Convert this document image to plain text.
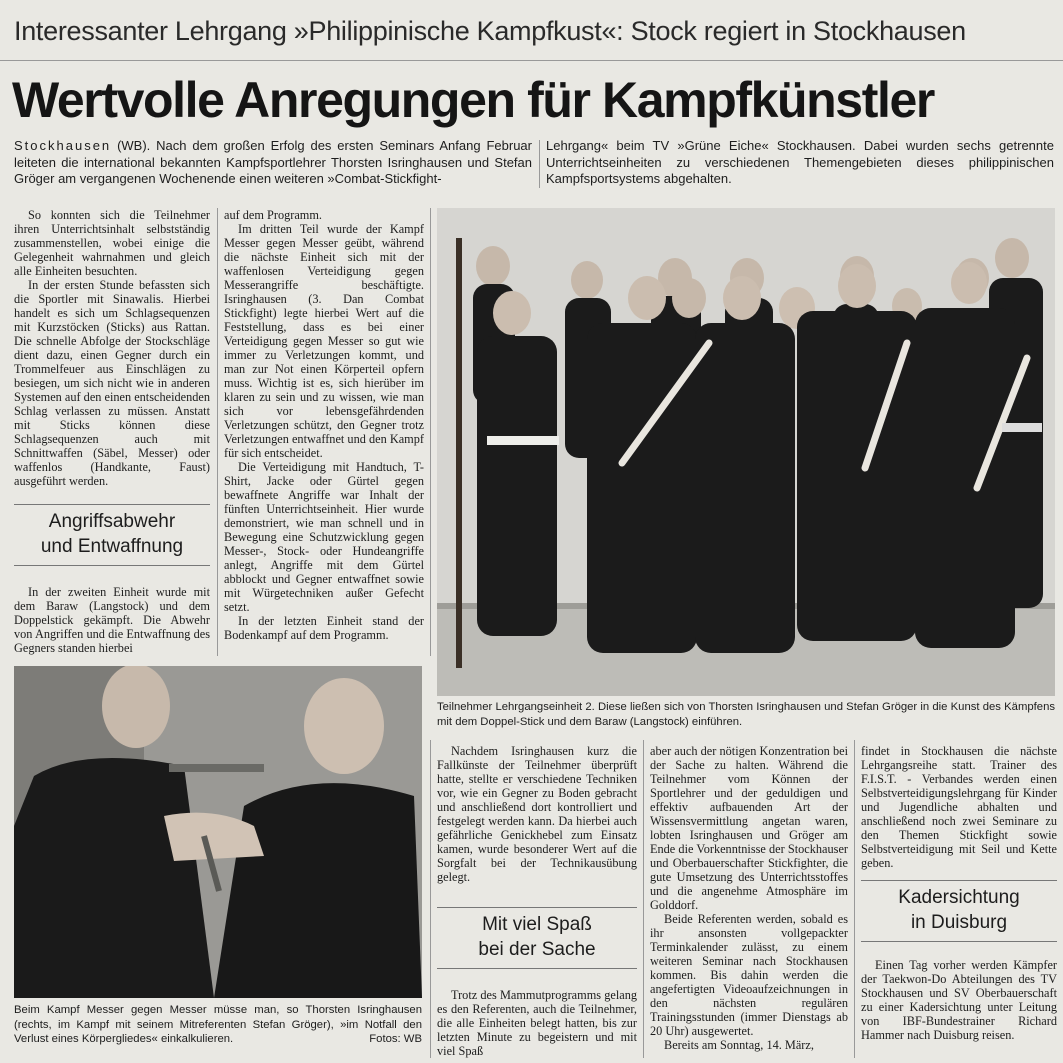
Interessanter Lehrgang »Philippinische Kampfkust«: Stock regiert in Stockhausen
Wertvolle Anregungen für Kampfkünstler
Stockhausen (WB). Nach dem großen Erfolg des ersten Seminars Anfang Februar leiteten die international bekannten Kampfsportlehrer Thorsten Isringhausen und Stefan Gröger am vergangenen Wochenende einen weiteren »Combat-Stickfight-
Lehrgang« beim TV »Grüne Eiche« Stockhausen. Dabei wurden sechs getrennte Unterrichtseinheiten zu verschiedenen Themengebieten dieses philippinischen Kampfsportsystems abgehalten.

So konnten sich die Teilnehmer ihren Unterrichtsinhalt selbstständig zusammenstellen, wobei einige die Gelegenheit wahrnahmen und gleich alle Einheiten besuchten.

In der ersten Stunde befassten sich die Sportler mit Sinawalis. Hierbei handelt es sich um Schlagsequenzen mit Kurzstöcken (Sticks) aus Rattan. Die schnelle Abfolge der Stockschläge dient dazu, einen Gegner durch ein Trommelfeuer aus Einschlägen zu besiegen, um sich nicht wie in anderen Systemen auf den einen entscheidenden Schlag verlassen zu müssen. Anstatt mit Sticks können diese Schlagsequenzen auch mit Schnittwaffen (Säbel, Messer) oder waffenlos (Handkante, Faust) ausgeführt werden.

Angriffsabwehr
und Entwaffnung

In der zweiten Einheit wurde mit dem Baraw (Langstock) und dem Doppelstick gekämpft. Die Abwehr von Angriffen und die Entwaffnung des Gegners standen hierbei

auf dem Programm.

Im dritten Teil wurde der Kampf Messer gegen Messer geübt, während die nächste Einheit sich mit der waffenlosen Verteidigung gegen Messerangriffe beschäftigte. Isringhausen (3. Dan Combat Stickfight) legte hierbei Wert auf die Feststellung, dass es bei einer Verteidigung gegen Messer so gut wie immer zu Verletzungen kommt, und man zur Not einen Körperteil opfern muss. Wichtig ist es, sich hierüber im klaren zu sein und zu wissen, wie man sich vor lebensgefährdenden Verletzungen schützt, den Gegner trotz Verletzungen entwaffnet und den Kampf für sich entscheidet.

Die Verteidigung mit Handtuch, T-Shirt, Jacke oder Gürtel gegen bewaffnete Angriffe war Inhalt der fünften Unterrichtseinheit. Hier wurde demonstriert, wie man schnell und in Bewegung eine Schutzwicklung gegen Messer-, Stock- oder Hundeangriffe anlegt, Angriffe mit dem Gürtel abblockt und Gegner entwaffnet sowie mit Würgetechniken außer Gefecht setzt.

In der letzten Einheit stand der Bodenkampf auf dem Programm.

Teilnehmer Lehrgangseinheit 2. Diese ließen sich von Thorsten Isringhausen und Stefan Gröger in die Kunst des Kämpfens mit dem Doppel-Stick und dem Baraw (Langstock) einführen.
Beim Kampf Messer gegen Messer müsse man, so Thorsten Isringhausen (rechts, im Kampf mit seinem Mitreferenten Stefan Gröger), »im Notfall den Verlust eines Körpergliedes« einkalkulieren.	Fotos: WB

Nachdem Isringhausen kurz die Fallkünste der Teilnehmer überprüft hatte, stellte er verschiedene Techniken vor, wie ein Gegner zu Boden gebracht und anschließend dort kontrolliert und festgelegt werden kann. Da hierbei auch gefährliche Genickhebel zum Einsatz kamen, wurde besonderer Wert auf die Sorgfalt bei der Technikausübung gelegt.

Mit viel Spaß
bei der Sache

Trotz des Mammutprogramms gelang es den Referenten, auch die Teilnehmer, die alle Einheiten belegt hatten, bis zur letzten Minute zu begeistern und mit viel Spaß

aber auch der nötigen Konzentration bei der Sache zu halten. Während die Teilnehmer vom Können der Sportlehrer und der geduldigen und effektiv aufbauenden Art der Wissensvermittlung angetan waren, lobten Isringhausen und Gröger am Ende die Vorkenntnisse der Stockhauser und Oberbauerschafter Stickfighter, die gute Umsetzung des Unterrichtsstoffes und die angenehme Atmosphäre im Golddorf.

Beide Referenten werden, sobald es ihr ansonsten vollgepackter Terminkalender zulässt, zu einem weiteren Seminar nach Stockhausen kommen. Bis dahin werden die angefertigten Videoaufzeichnungen in den nächsten regulären Trainingsstunden (immer Dienstags ab 20 Uhr) ausgewertet.

Bereits am Sonntag, 14. März,

findet in Stockhausen die nächste Lehrgangsreihe statt. Trainer des F.I.S.T. - Verbandes werden einen Selbstverteidigungslehrgang für Kinder und Jugendliche abhalten und anschließend noch zwei Seminare zu den Themen Stickfight sowie Selbstverteidigung mit Seil und Kette geben.

Kadersichtung
in Duisburg

Einen Tag vorher werden Kämpfer der Taekwon-Do Abteilungen des TV Stockhausen und SV Oberbauerschaft zu einer Kadersichtung unter Leitung von IBF-Bundestrainer Richard Hammer nach Duisburg reisen.
